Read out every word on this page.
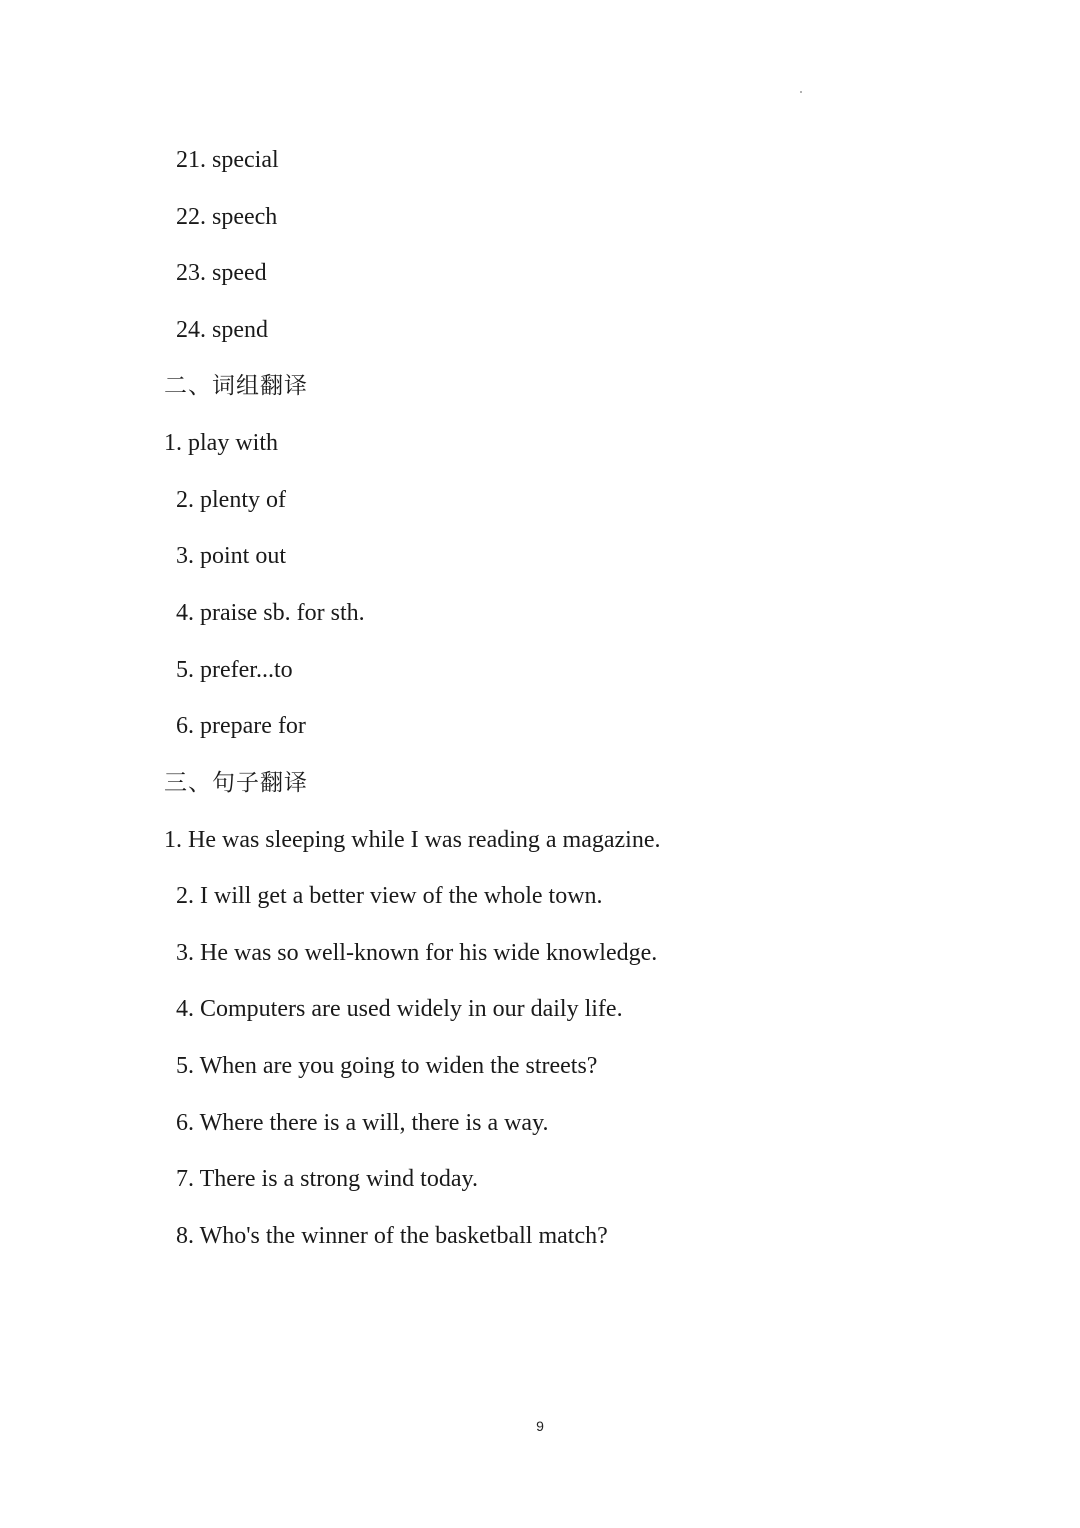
21. special
22. speech
23. speed
24. spend
二、词组翻译
1. play with
2. plenty of
3. point out
4. praise sb. for sth.
5. prefer...to
6. prepare for
三、句子翻译
1. He was sleeping while I was reading a magazine.
2. I will get a better view of the whole town.
3. He was so well-known for his wide knowledge.
4. Computers are used widely in our daily life.
5. When are you going to widen the streets?
6. Where there is a will, there is a way.
7. There is a strong wind today.
8. Who's the winner of the basketball match?
9
